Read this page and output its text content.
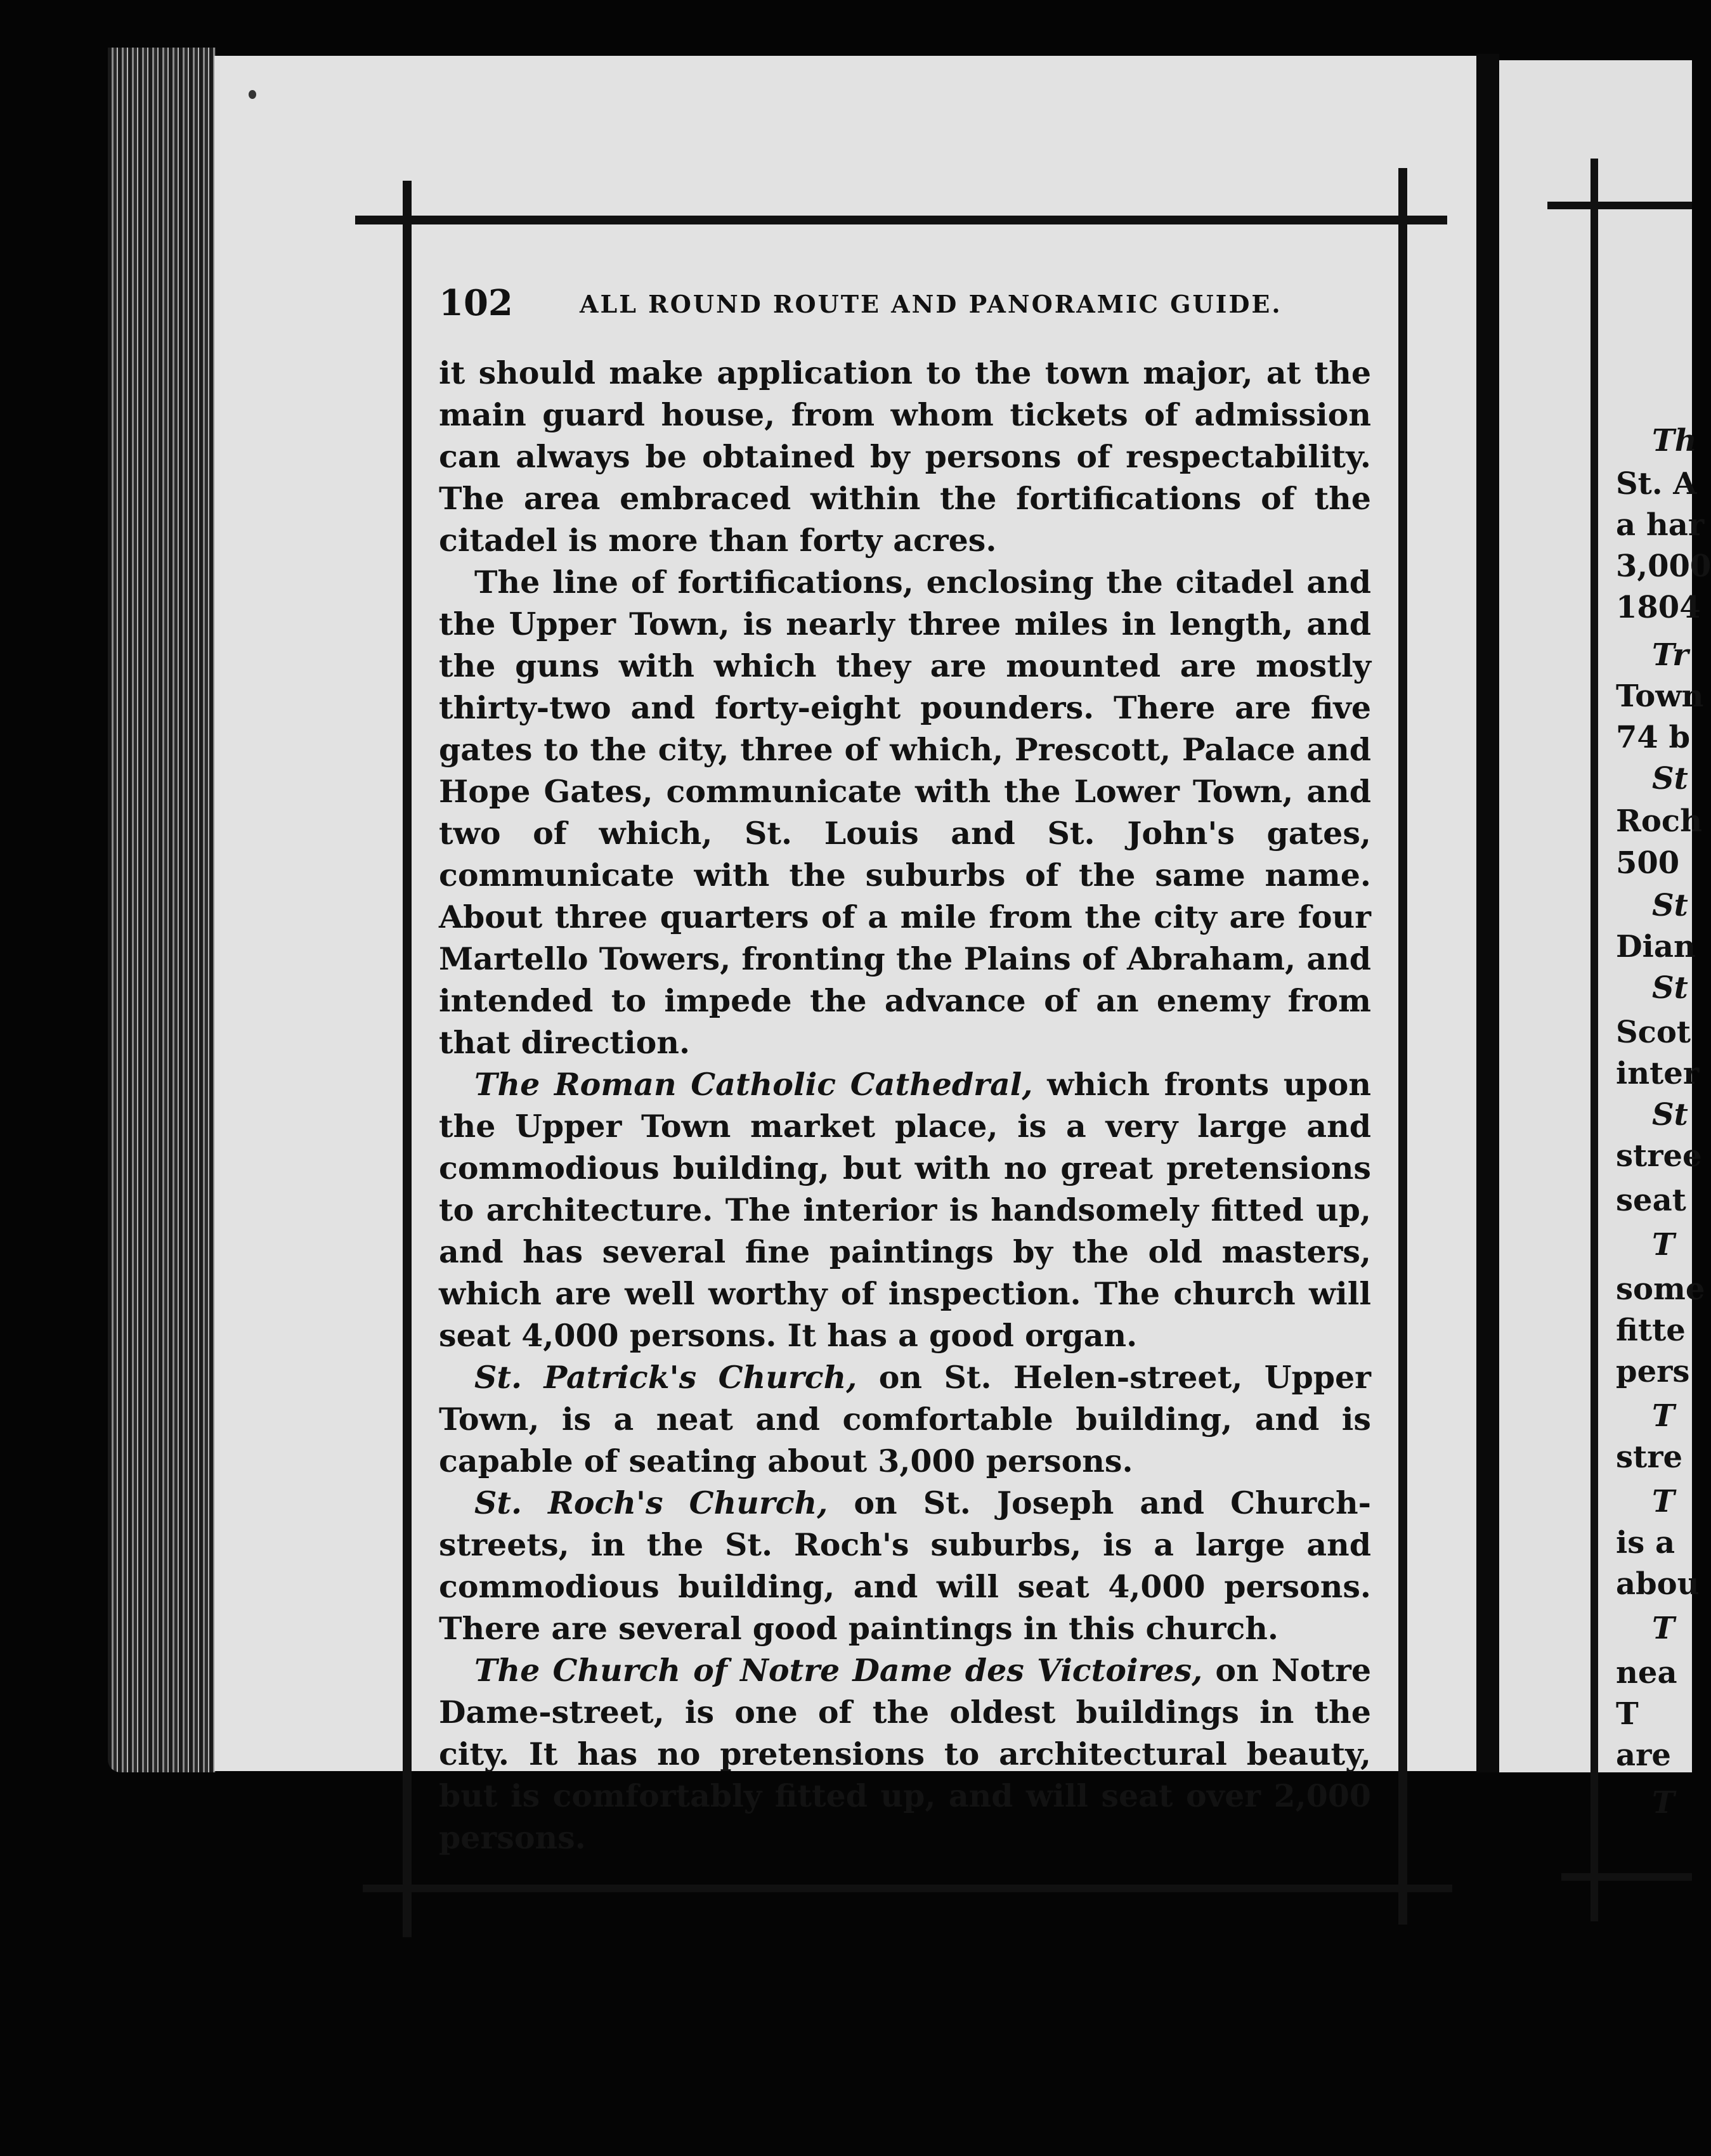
102	ALL ROUND ROUTE AND PANORAMIC GUIDE.

it should make application to the town major, at the main guard house, from whom tickets of admission can always be obtained by persons of respectability. The area embraced within the fortifications of the citadel is more than forty acres.

The line of fortifications, enclosing the citadel and the Upper Town, is nearly three miles in length, and the guns with which they are mounted are mostly thirty-two and forty-eight pounders. There are five gates to the city, three of which, Prescott, Palace and Hope Gates, communicate with the Lower Town, and two of which, St. Louis and St. John's gates, communicate with the suburbs of the same name. About three quarters of a mile from the city are four Martello Towers, fronting the Plains of Abraham, and intended to impede the advance of an enemy from that direction.

The Roman Catholic Cathedral, which fronts upon the Upper Town market place, is a very large and commodious building, but with no great pretensions to architecture. The interior is handsomely fitted up, and has several fine paintings by the old masters, which are well worthy of inspection. The church will seat 4,000 persons. It has a good organ.

St. Patrick's Church, on St. Helen-street, Upper Town, is a neat and comfortable building, and is capable of seating about 3,000 persons.

St. Roch's Church, on St. Joseph and Church-streets, in the St. Roch's suburbs, is a large and commodious building, and will seat 4,000 persons. There are several good paintings in this church.

The Church of Notre Dame des Victoires, on Notre Dame-street, is one of the oldest buildings in the city. It has no pretensions to architectural beauty, but is comfortably fitted up, and will seat over 2,000 persons.

Th
St. A
a har
3,000
1804
Tr
Town
74 b
St
Roch
500
St
Dian
St
Scot
inter
St
stree
seat
T
some
fitte
pers
T
stre
T
is a
abou
T
nea
T
are
T
